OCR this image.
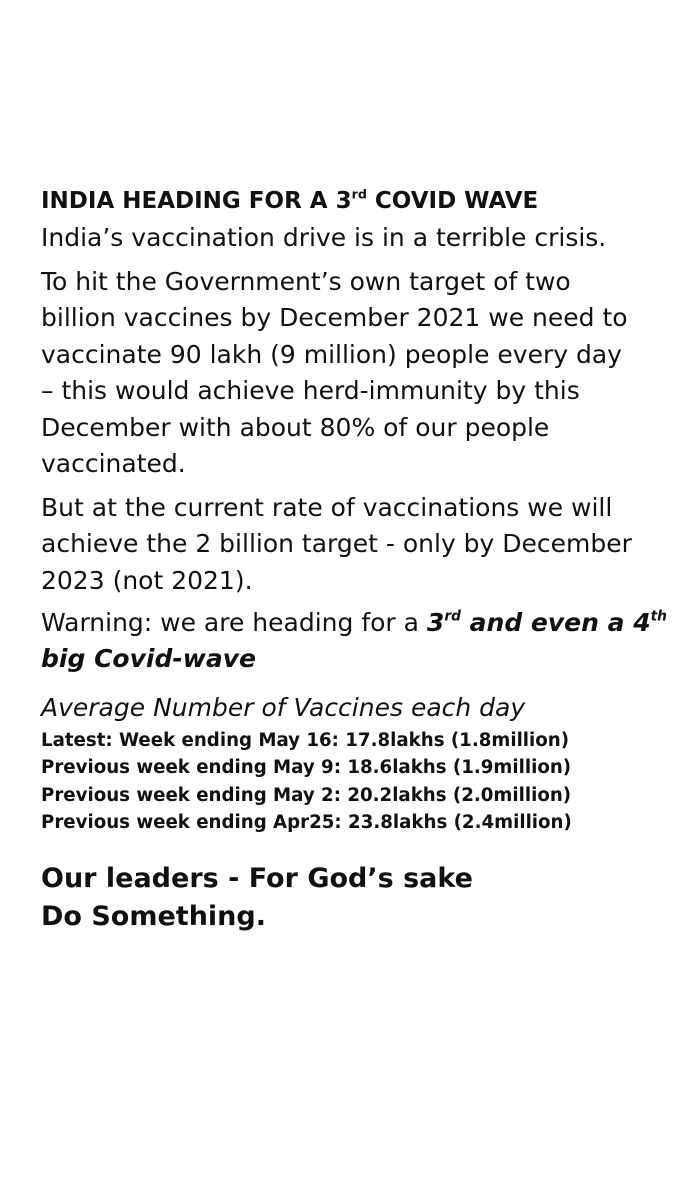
INDIA HEADING FOR A 3rd COVID WAVE

India’s vaccination drive is in a terrible crisis.

To hit the Government’s own target of two billion vaccines by December 2021 we need to vaccinate 90 lakh (9 million) people every day – this would achieve herd-immunity by this December with about 80% of our people vaccinated.

But at the current rate of vaccinations we will achieve the 2 billion target - only by December 2023 (not 2021).

Warning: we are heading for a 3rd and even a 4th big Covid-wave

Average Number of Vaccines each day

Latest: Week ending May 16: 17.8lakhs (1.8million)
Previous week ending May 9: 18.6lakhs (1.9million)
Previous week ending May 2: 20.2lakhs (2.0million)
Previous week ending Apr25: 23.8lakhs (2.4million)

Our leaders - For God’s sake
Do Something.
